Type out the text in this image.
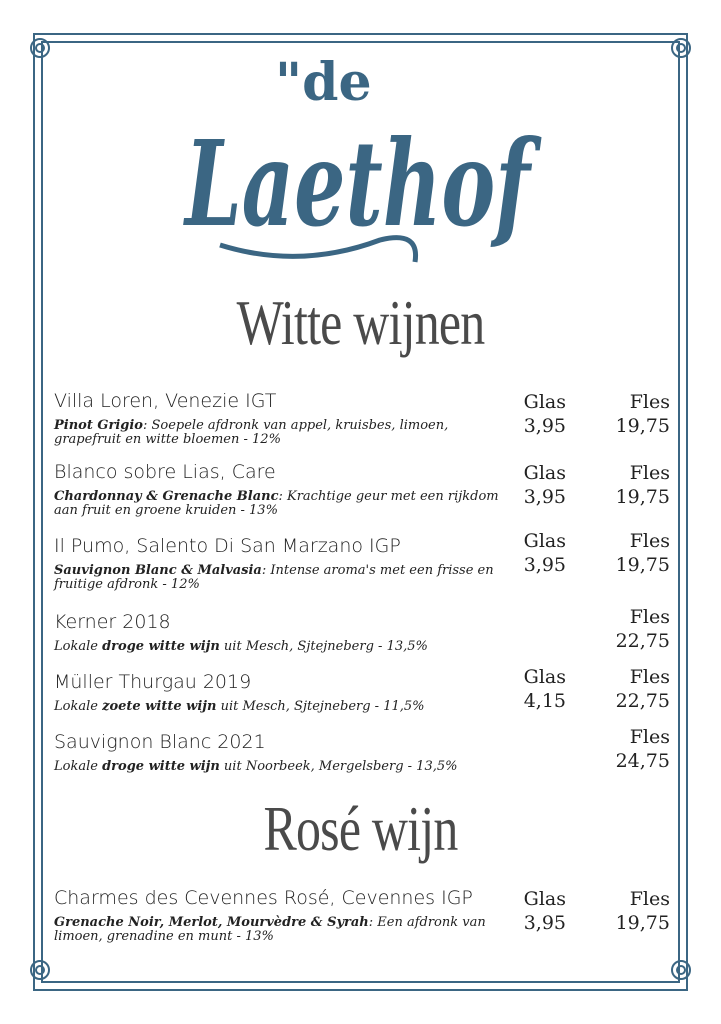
"de
Laethof
Witte wijnen
Villa Loren, Venezie IGT
Pinot Grigio: Soepele afdronk van appel, kruisbes, limoen, grapefruit en witte bloemen - 12%
Glas
3,95
Fles
19,75
Blanco sobre Lias, Care
Chardonnay & Grenache Blanc: Krachtige geur met een rijkdom aan fruit en groene kruiden - 13%
Glas
3,95
Fles
19,75
Il Pumo, Salento Di San Marzano IGP
Sauvignon Blanc & Malvasia: Intense aroma's met een frisse en fruitige afdronk - 12%
Glas
3,95
Fles
19,75
Kerner 2018
Lokale droge witte wijn uit Mesch, Sjtejneberg - 13,5%
Fles
22,75
Müller Thurgau 2019
Lokale zoete witte wijn uit Mesch, Sjtejneberg - 11,5%
Glas
4,15
Fles
22,75
Sauvignon Blanc 2021
Lokale droge witte wijn uit Noorbeek, Mergelsberg - 13,5%
Fles
24,75
Rosé wijn
Charmes des Cevennes Rosé, Cevennes IGP
Grenache Noir, Merlot, Mourvèdre & Syrah: Een afdronk van limoen, grenadine en munt - 13%
Glas
3,95
Fles
19,75
